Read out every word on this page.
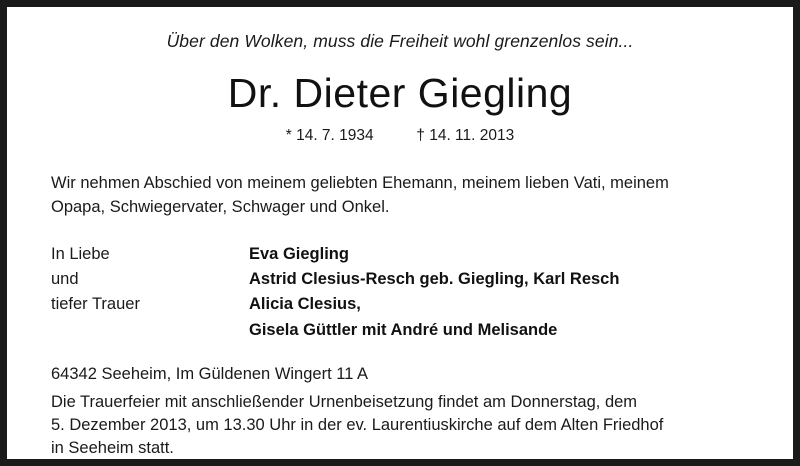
Über den Wolken, muss die Freiheit wohl grenzenlos sein...
Dr. Dieter Giegling
* 14. 7. 1934	† 14. 11. 2013
Wir nehmen Abschied von meinem geliebten Ehemann, meinem lieben Vati, meinem
Opapa, Schwiegervater, Schwager und Onkel.
In Liebe
und
tiefer Trauer
Eva Giegling
Astrid Clesius-Resch geb. Giegling, Karl Resch
Alicia Clesius,
Gisela Güttler mit André und Melisande
64342 Seeheim, Im Güldenen Wingert 11 A
Die Trauerfeier mit anschließender Urnenbeisetzung findet am Donnerstag, dem
5. Dezember 2013, um 13.30 Uhr in der ev. Laurentiuskirche auf dem Alten Friedhof
in Seeheim statt.
